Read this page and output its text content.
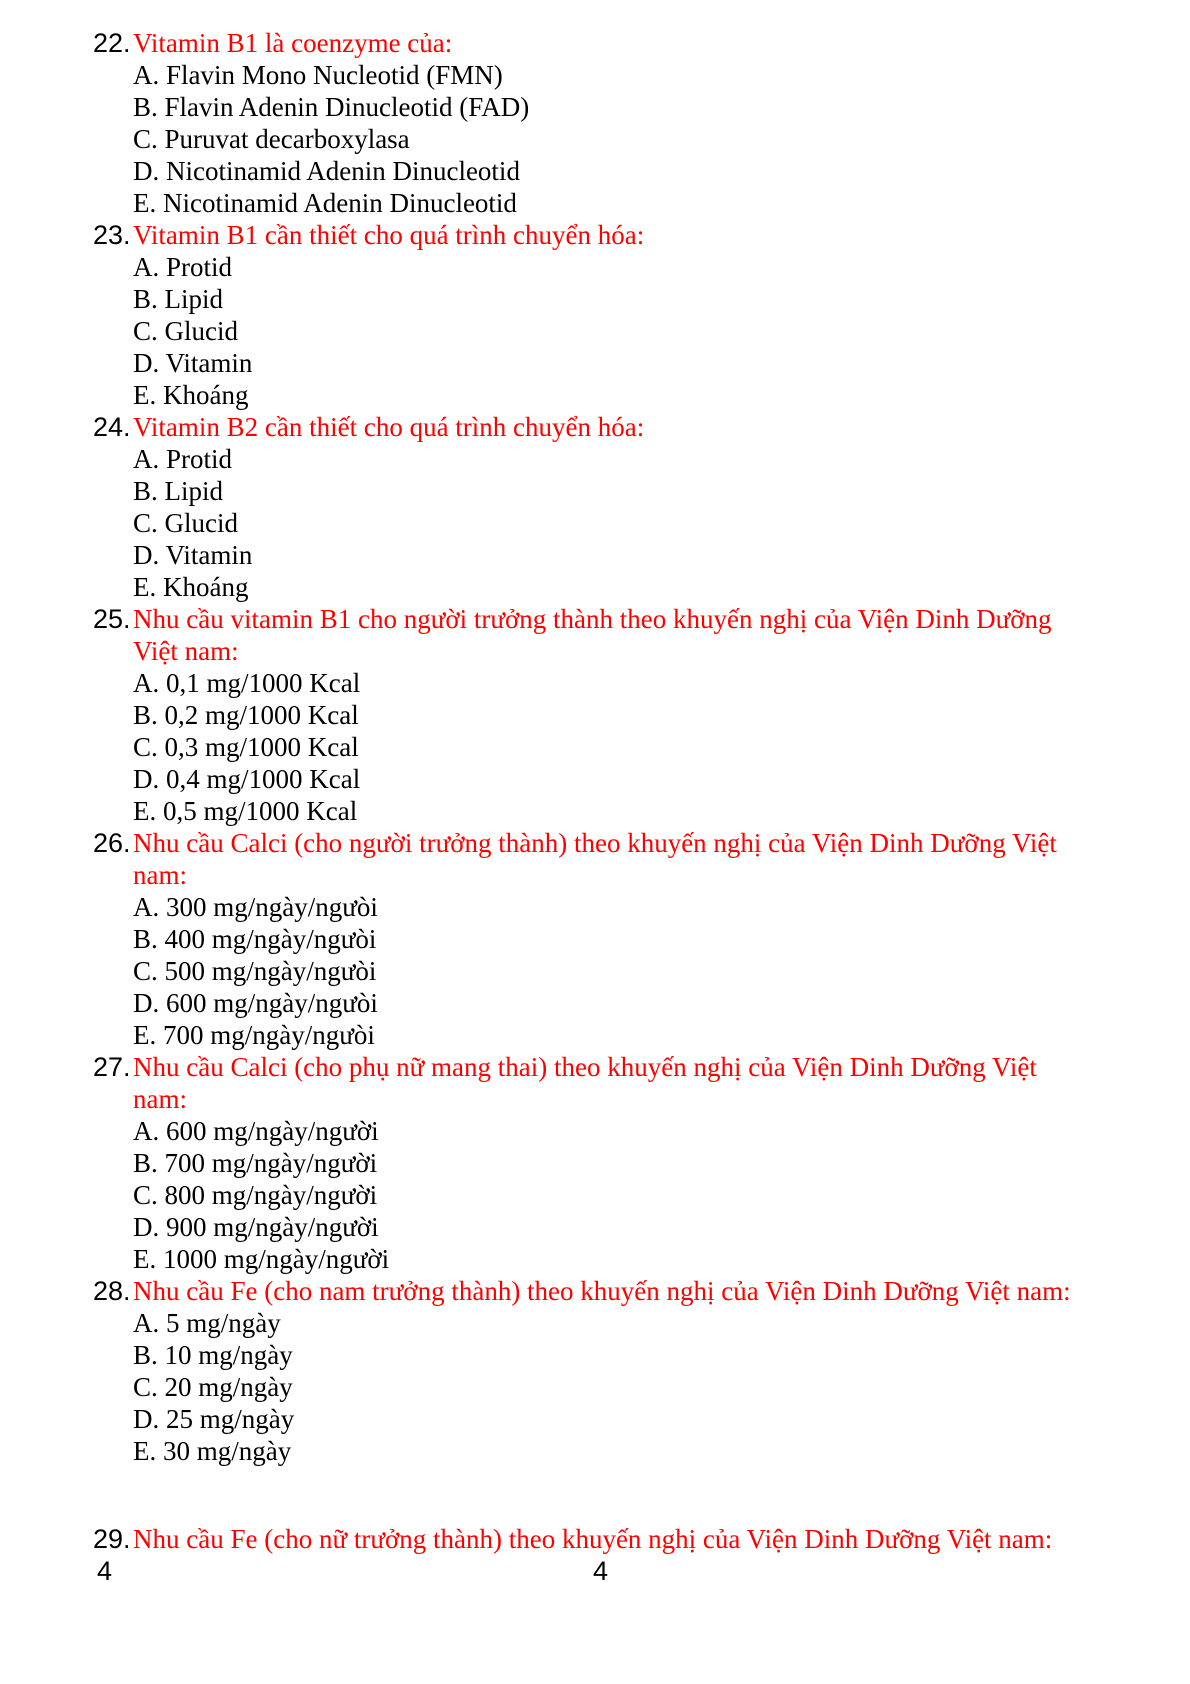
22. Vitamin B1 là coenzyme của:
A. Flavin Mono Nucleotid (FMN)
B. Flavin Adenin Dinucleotid (FAD)
C. Puruvat decarboxylasa
D. Nicotinamid Adenin Dinucleotid
E. Nicotinamid Adenin Dinucleotid
23. Vitamin B1 cần thiết cho quá trình chuyển hóa:
A. Protid
B. Lipid
C. Glucid
D. Vitamin
E. Khoáng
24. Vitamin B2 cần thiết cho quá trình chuyển hóa:
A. Protid
B. Lipid
C. Glucid
D. Vitamin
E. Khoáng
25. Nhu cầu vitamin B1 cho người trưởng thành theo khuyến nghị của Viện Dinh Dưỡng
Việt nam:
A. 0,1 mg/1000 Kcal
B. 0,2 mg/1000 Kcal
C. 0,3 mg/1000 Kcal
D. 0,4 mg/1000 Kcal
E. 0,5 mg/1000 Kcal
26. Nhu cầu Calci (cho người trưởng thành) theo khuyến nghị của Viện Dinh Dưỡng Việt
nam:
A. 300 mg/ngày/ngưòi
B. 400 mg/ngày/ngưòi
C. 500 mg/ngày/ngưòi
D. 600 mg/ngày/ngưòi
E. 700 mg/ngày/ngưòi
27. Nhu cầu Calci (cho phụ nữ mang thai) theo khuyến nghị của Viện Dinh Dưỡng Việt
nam:
A. 600 mg/ngày/người
B. 700 mg/ngày/người
C. 800 mg/ngày/người
D. 900 mg/ngày/người
E. 1000 mg/ngày/người
28. Nhu cầu Fe (cho nam trưởng thành) theo khuyến nghị của Viện Dinh Dưỡng Việt nam:
A. 5 mg/ngày
B. 10 mg/ngày
C. 20 mg/ngày
D. 25 mg/ngày
E. 30 mg/ngày
29. Nhu cầu Fe (cho nữ trưởng thành) theo khuyến nghị của Viện Dinh Dưỡng Việt nam:
4	4
